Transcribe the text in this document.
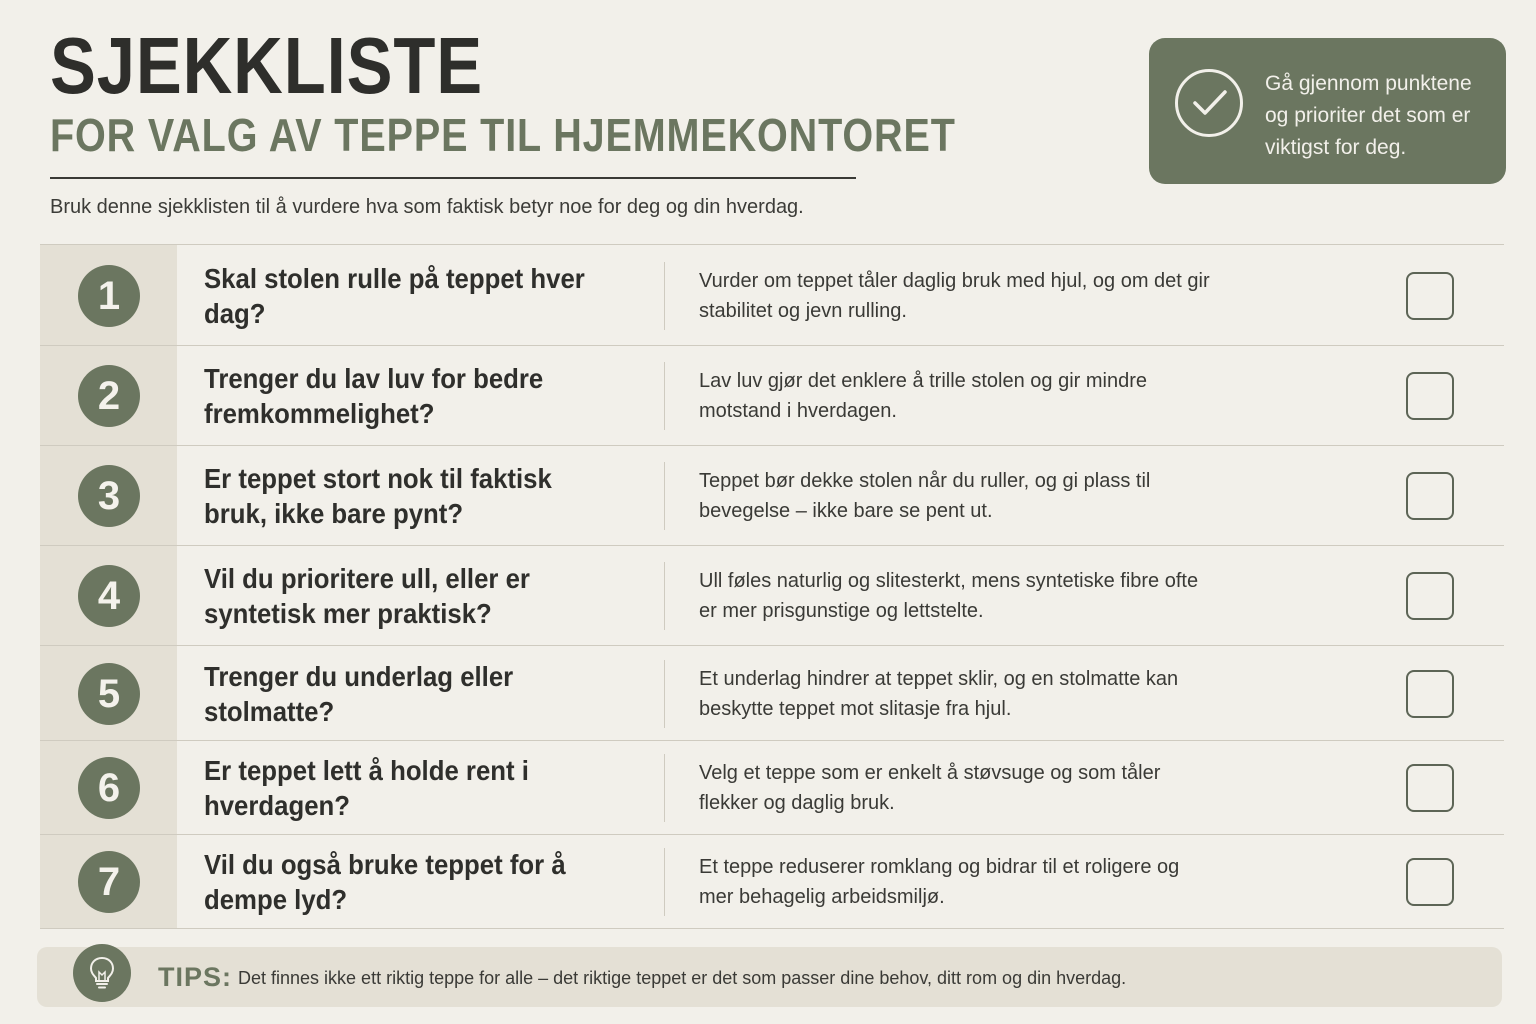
SJEKKLISTE
FOR VALG AV TEPPE TIL HJEMMEKONTORET
Bruk denne sjekklisten til å vurdere hva som faktisk betyr noe for deg og din hverdag.
Gå gjennom punktene og prioriter det som er viktigst for deg.
1	Skal stolen rulle på teppet hver dag?
Vurder om teppet tåler daglig bruk med hjul, og om det gir stabilitet og jevn rulling.
2	Trenger du lav luv for bedre fremkommelighet?
Lav luv gjør det enklere å trille stolen og gir mindre motstand i hverdagen.
3	Er teppet stort nok til faktisk bruk, ikke bare pynt?
Teppet bør dekke stolen når du ruller, og gi plass til bevegelse – ikke bare se pent ut.
4	Vil du prioritere ull, eller er syntetisk mer praktisk?
Ull føles naturlig og slitesterkt, mens syntetiske fibre ofte er mer prisgunstige og lettstelte.
5	Trenger du underlag eller stolmatte?
Et underlag hindrer at teppet sklir, og en stolmatte kan beskytte teppet mot slitasje fra hjul.
6	Er teppet lett å holde rent i hverdagen?
Velg et teppe som er enkelt å støvsuge og som tåler flekker og daglig bruk.
7	Vil du også bruke teppet for å dempe lyd?
Et teppe reduserer romklang og bidrar til et roligere og mer behagelig arbeidsmiljø.
TIPS: Det finnes ikke ett riktig teppe for alle – det riktige teppet er det som passer dine behov, ditt rom og din hverdag.
